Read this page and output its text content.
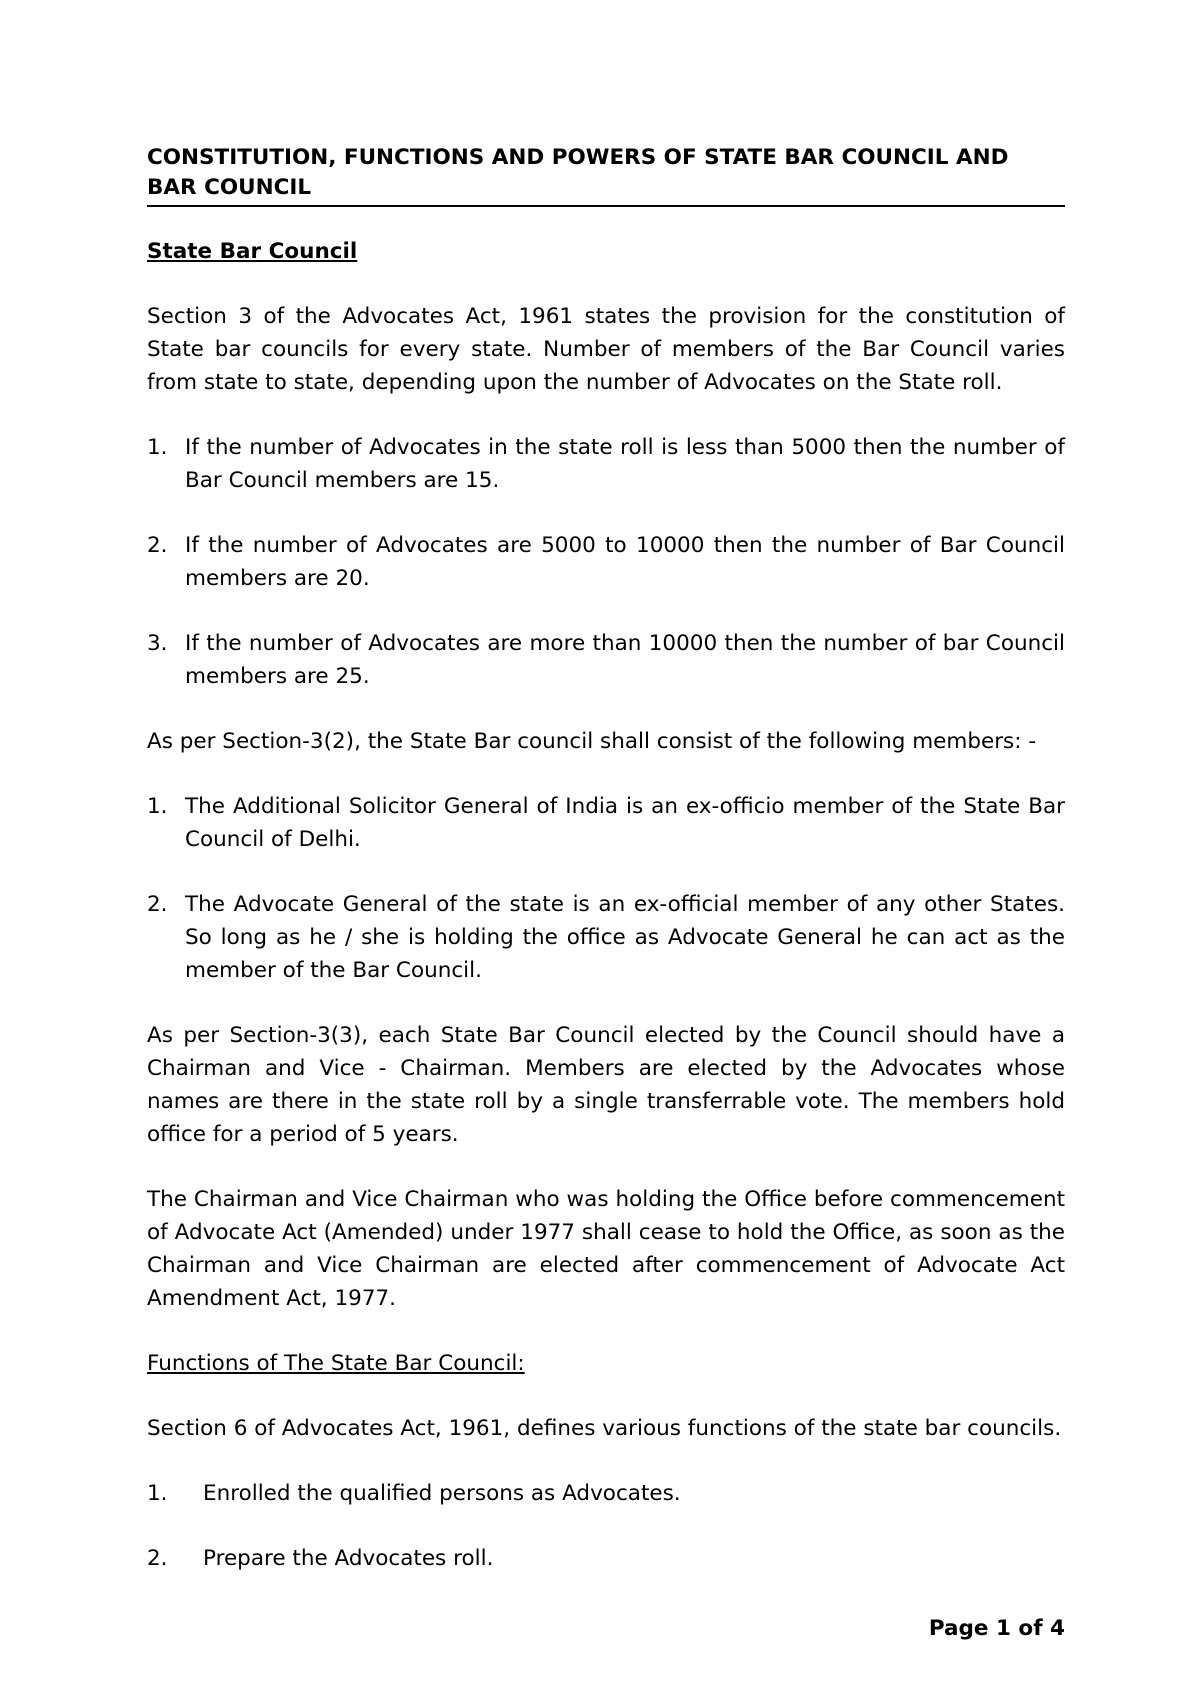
CONSTITUTION, FUNCTIONS AND POWERS OF STATE BAR COUNCIL AND BAR COUNCIL
State Bar Council

Section 3 of the Advocates Act, 1961 states the provision for the constitution of State bar councils for every state. Number of members of the Bar Council varies from state to state, depending upon the number of Advocates on the State roll.

1. If the number of Advocates in the state roll is less than 5000 then the number of Bar Council members are 15.
2. If the number of Advocates are 5000 to 10000 then the number of Bar Council members are 20.
3. If the number of Advocates are more than 10000 then the number of bar Council members are 25.

As per Section-3(2), the State Bar council shall consist of the following members: -

1. The Additional Solicitor General of India is an ex-officio member of the State Bar Council of Delhi.
2. The Advocate General of the state is an ex-official member of any other States. So long as he / she is holding the office as Advocate General he can act as the member of the Bar Council.

As per Section-3(3), each State Bar Council elected by the Council should have a Chairman and Vice - Chairman. Members are elected by the Advocates whose names are there in the state roll by a single transferrable vote. The members hold office for a period of 5 years.

The Chairman and Vice Chairman who was holding the Office before commencement of Advocate Act (Amended) under 1977 shall cease to hold the Office, as soon as the Chairman and Vice Chairman are elected after commencement of Advocate Act Amendment Act, 1977.

Functions of The State Bar Council:

Section 6 of Advocates Act, 1961, defines various functions of the state bar councils.

1.	Enrolled the qualified persons as Advocates.
2.	Prepare the Advocates roll.
Page 1 of 4
